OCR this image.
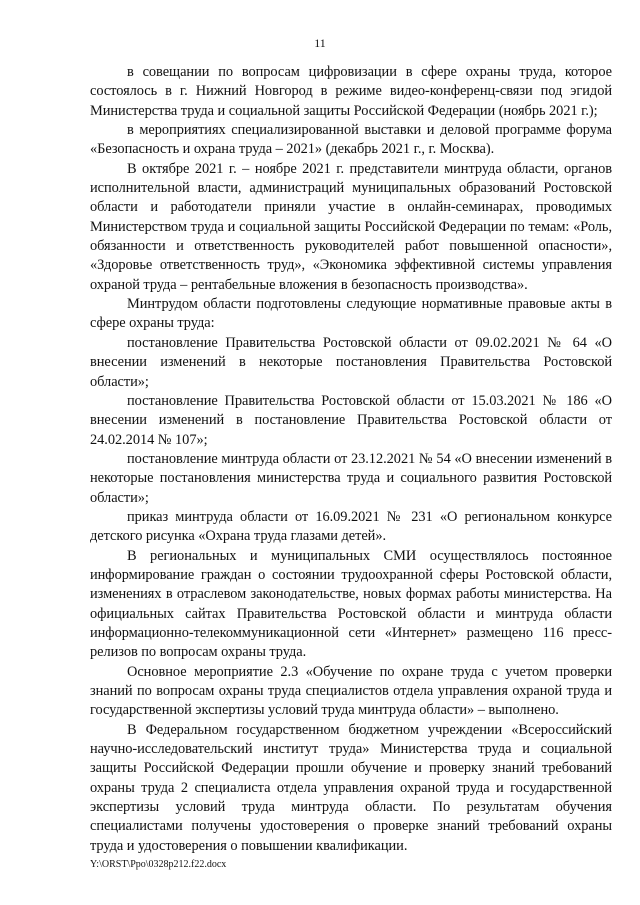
11

в совещании по вопросам цифровизации в сфере охраны труда, которое состоялось в г. Нижний Новгород в режиме видео-конференц-связи под эгидой Министерства труда и социальной защиты Российской Федерации (ноябрь 2021 г.);

в мероприятиях специализированной выставки и деловой программе форума «Безопасность и охрана труда – 2021» (декабрь 2021 г., г. Москва).

В октябре 2021 г. – ноябре 2021 г. представители минтруда области, органов исполнительной власти, администраций муниципальных образований Ростовской области и работодатели приняли участие в онлайн-семинарах, проводимых Министерством труда и социальной защиты Российской Федерации по темам: «Роль, обязанности и ответственность руководителей работ повышенной опасности», «Здоровье ответственность труд», «Экономика эффективной системы управления охраной труда – рентабельные вложения в безопасность производства».

Минтрудом области подготовлены следующие нормативные правовые акты в сфере охраны труда:

постановление Правительства Ростовской области от 09.02.2021 № 64 «О внесении изменений в некоторые постановления Правительства Ростовской области»;

постановление Правительства Ростовской области от 15.03.2021 № 186 «О внесении изменений в постановление Правительства Ростовской области от 24.02.2014 № 107»;

постановление минтруда области от 23.12.2021 № 54 «О внесении изменений в некоторые постановления министерства труда и социального развития Ростовской области»;

приказ минтруда области от 16.09.2021 № 231 «О региональном конкурсе детского рисунка «Охрана труда глазами детей».

В региональных и муниципальных СМИ осуществлялось постоянное информирование граждан о состоянии трудоохранной сферы Ростовской области, изменениях в отраслевом законодательстве, новых формах работы министерства. На официальных сайтах Правительства Ростовской области и минтруда области информационно-телекоммуникационной сети «Интернет» размещено 116 пресс-релизов по вопросам охраны труда.

Основное мероприятие 2.3 «Обучение по охране труда с учетом проверки знаний по вопросам охраны труда специалистов отдела управления охраной труда и государственной экспертизы условий труда минтруда области» – выполнено.

В Федеральном государственном бюджетном учреждении «Всероссийский научно-исследовательский институт труда» Министерства труда и социальной защиты Российской Федерации прошли обучение и проверку знаний требований охраны труда 2 специалиста отдела управления охраной труда и государственной экспертизы условий труда минтруда области. По результатам обучения специалистами получены удостоверения о проверке знаний требований охраны труда и удостоверения о повышении квалификации.

Y:\ORST\Ppo\0328p212.f22.docx
